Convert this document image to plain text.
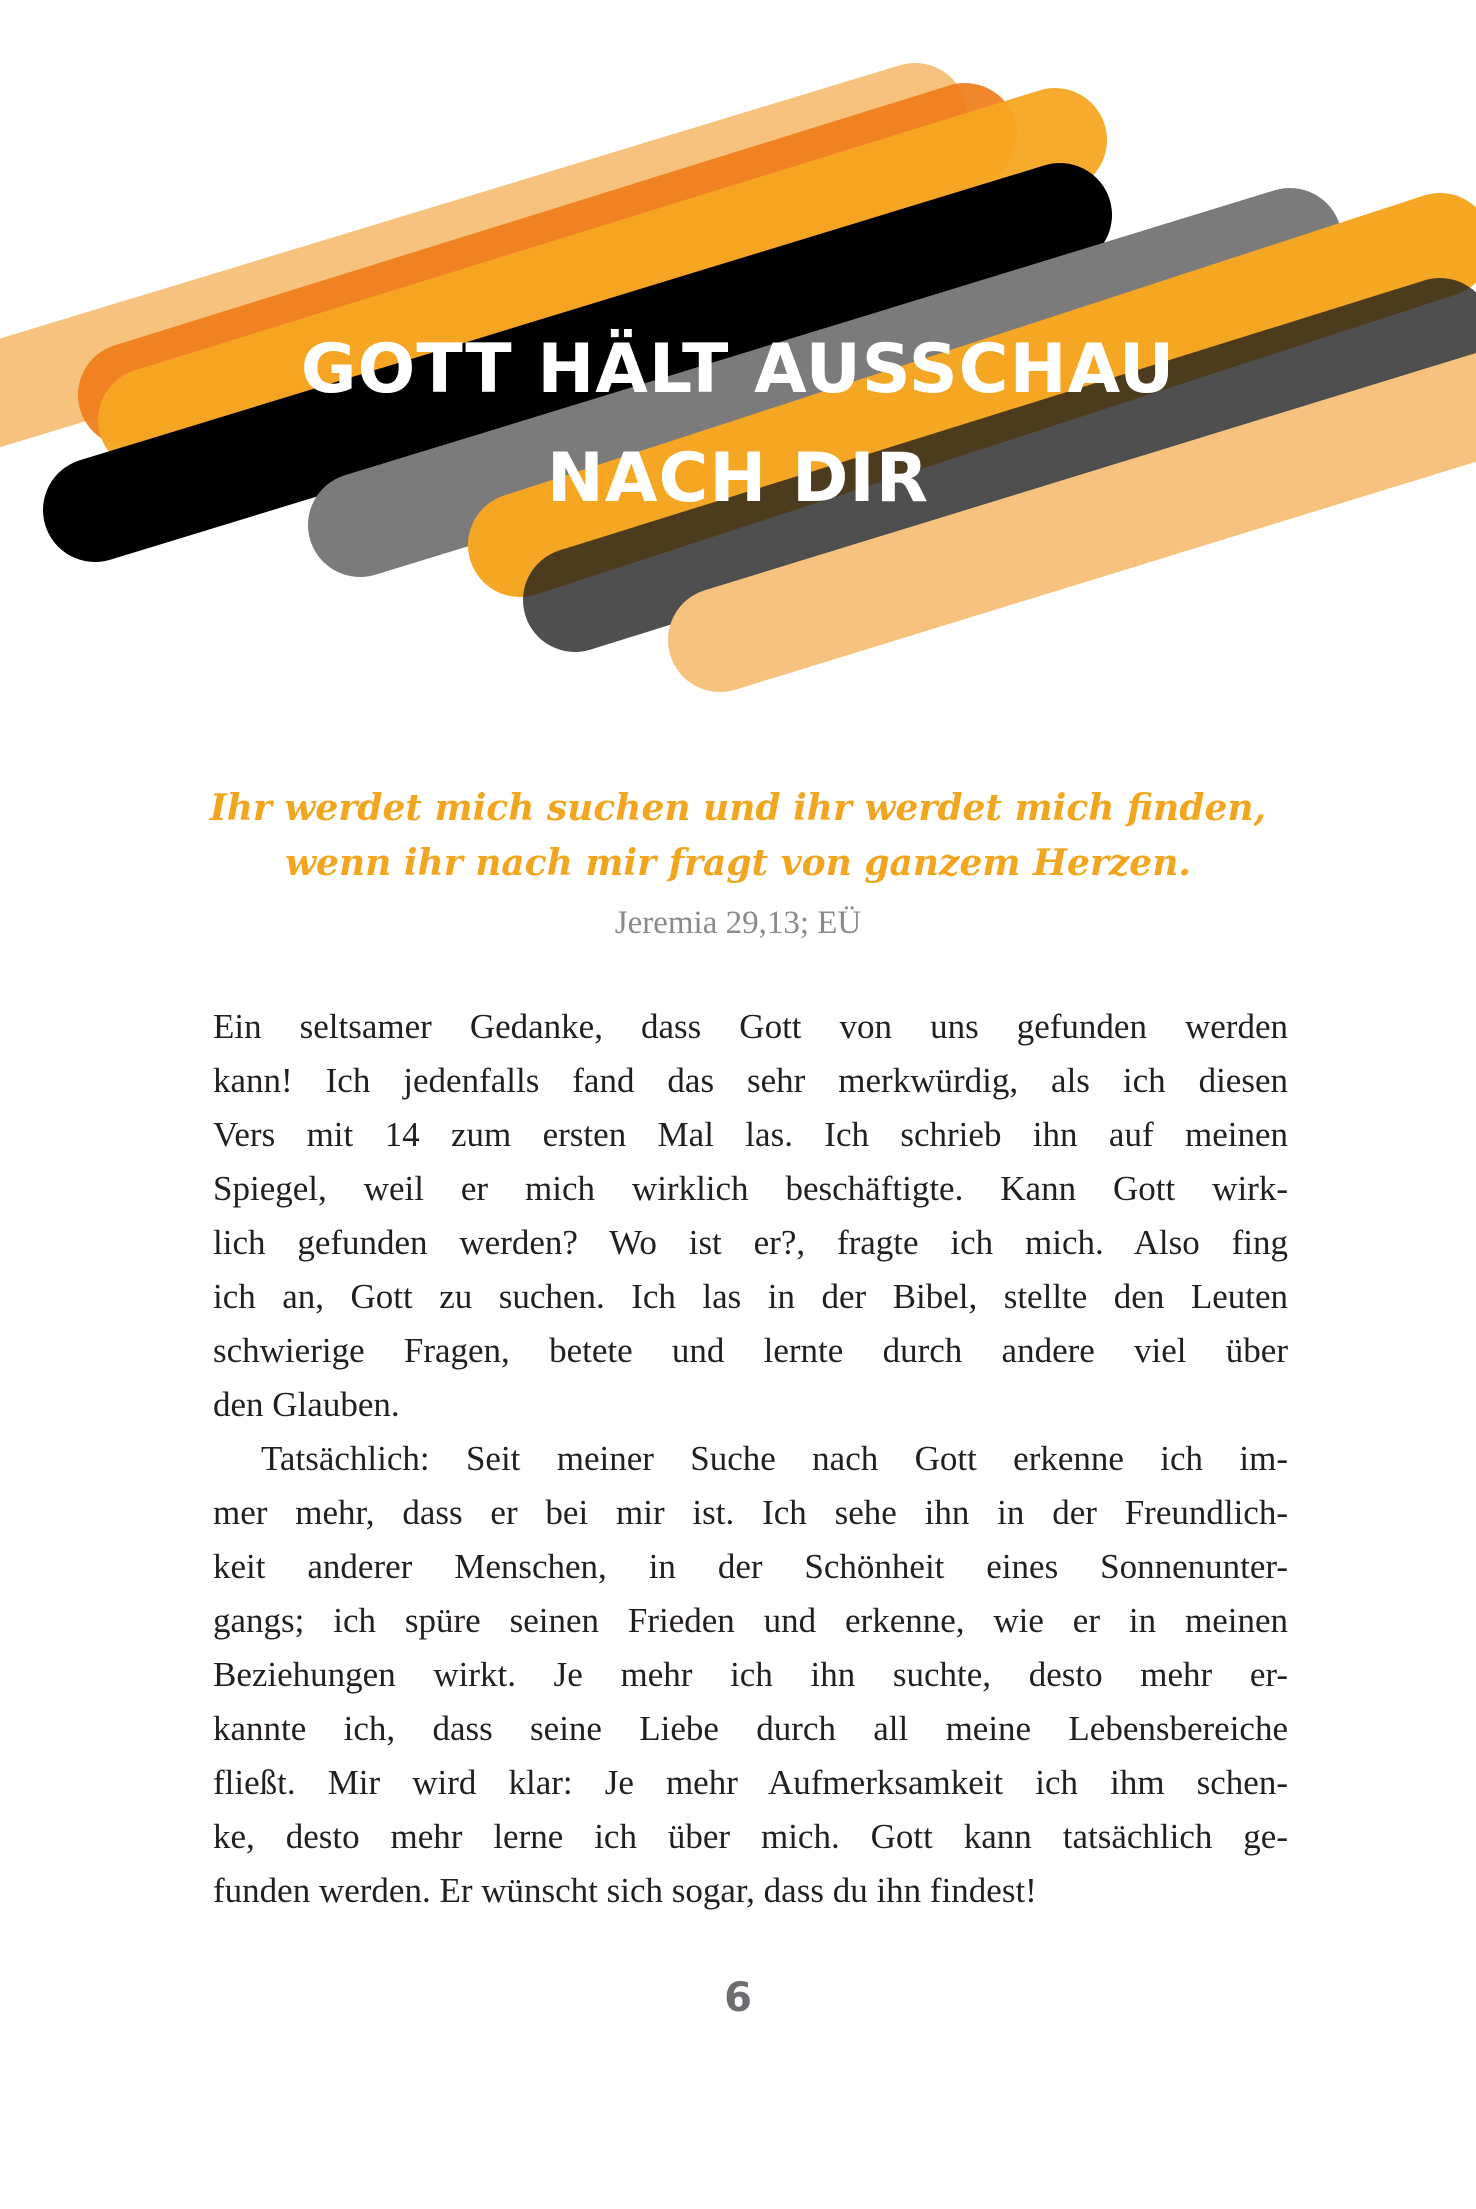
GOTT HÄLT AUSSCHAU
NACH DIR
Ihr werdet mich suchen und ihr werdet mich finden,
wenn ihr nach mir fragt von ganzem Herzen.
Jeremia 29,13; EÜ
Ein seltsamer Gedanke, dass Gott von uns gefunden werden
kann! Ich jedenfalls fand das sehr merkwürdig, als ich diesen
Vers mit 14 zum ersten Mal las. Ich schrieb ihn auf meinen
Spiegel, weil er mich wirklich beschäftigte. Kann Gott wirk-
lich gefunden werden? Wo ist er?, fragte ich mich. Also fing
ich an, Gott zu suchen. Ich las in der Bibel, stellte den Leuten
schwierige Fragen, betete und lernte durch andere viel über
den Glauben.
Tatsächlich: Seit meiner Suche nach Gott erkenne ich im-
mer mehr, dass er bei mir ist. Ich sehe ihn in der Freundlich-
keit anderer Menschen, in der Schönheit eines Sonnenunter-
gangs; ich spüre seinen Frieden und erkenne, wie er in meinen
Beziehungen wirkt. Je mehr ich ihn suchte, desto mehr er-
kannte ich, dass seine Liebe durch all meine Lebensbereiche
fließt. Mir wird klar: Je mehr Aufmerksamkeit ich ihm schen-
ke, desto mehr lerne ich über mich. Gott kann tatsächlich ge-
funden werden. Er wünscht sich sogar, dass du ihn findest!
6
